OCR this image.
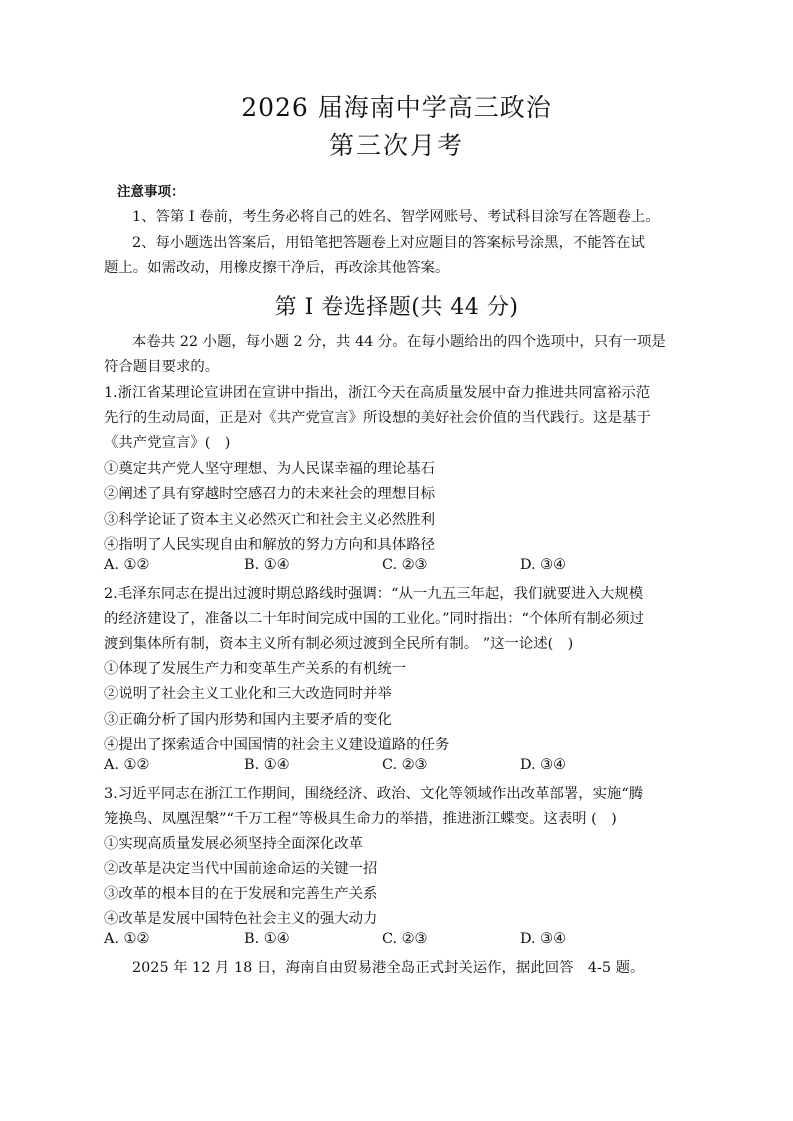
2026 届海南中学高三政治
第三次月考
注意事项：
1、答第 I 卷前，考生务必将自己的姓名、智学网账号、考试科目涂写在答题卷上。
2、每小题选出答案后，用铅笔把答题卷上对应题目的答案标号涂黑，不能答在试
题上。如需改动，用橡皮擦干净后，再改涂其他答案。
第 I 卷选择题(共 44 分)
本卷共 22 小题，每小题 2 分，共 44 分。在每小题给出的四个选项中，只有一项是
符合题目要求的。
1.浙江省某理论宣讲团在宣讲中指出，浙江今天在高质量发展中奋力推进共同富裕示范
先行的生动局面，正是对《共产党宣言》所设想的美好社会价值的当代践行。这是基于
《共产党宣言》(　)
①奠定共产党人坚守理想、为人民谋幸福的理论基石
②阐述了具有穿越时空感召力的未来社会的理想目标
③科学论证了资本主义必然灭亡和社会主义必然胜利
④指明了人民实现自由和解放的努力方向和具体路径
A. ①②	B. ①④	C. ②③	D. ③④
2.毛泽东同志在提出过渡时期总路线时强调：“从一九五三年起，我们就要进入大规模
的经济建设了，准备以二十年时间完成中国的工业化。”同时指出：“个体所有制必须过
渡到集体所有制，资本主义所有制必须过渡到全民所有制。 ”这一论述(　)
①体现了发展生产力和变革生产关系的有机统一
②说明了社会主义工业化和三大改造同时并举
③正确分析了国内形势和国内主要矛盾的变化
④提出了探索适合中国国情的社会主义建设道路的任务
A. ①②	B. ①④	C. ②③	D. ③④
3.习近平同志在浙江工作期间，围绕经济、政治、文化等领域作出改革部署，实施“腾
笼换鸟、凤凰涅槃”“千万工程”等极具生命力的举措，推进浙江蝶变。这表明 (　)
①实现高质量发展必须坚持全面深化改革
②改革是决定当代中国前途命运的关键一招
③改革的根本目的在于发展和完善生产关系
④改革是发展中国特色社会主义的强大动力
A. ①②	B. ①④	C. ②③	D. ③④
2025 年 12 月 18 日，海南自由贸易港全岛正式封关运作，据此回答　4-5 题。
